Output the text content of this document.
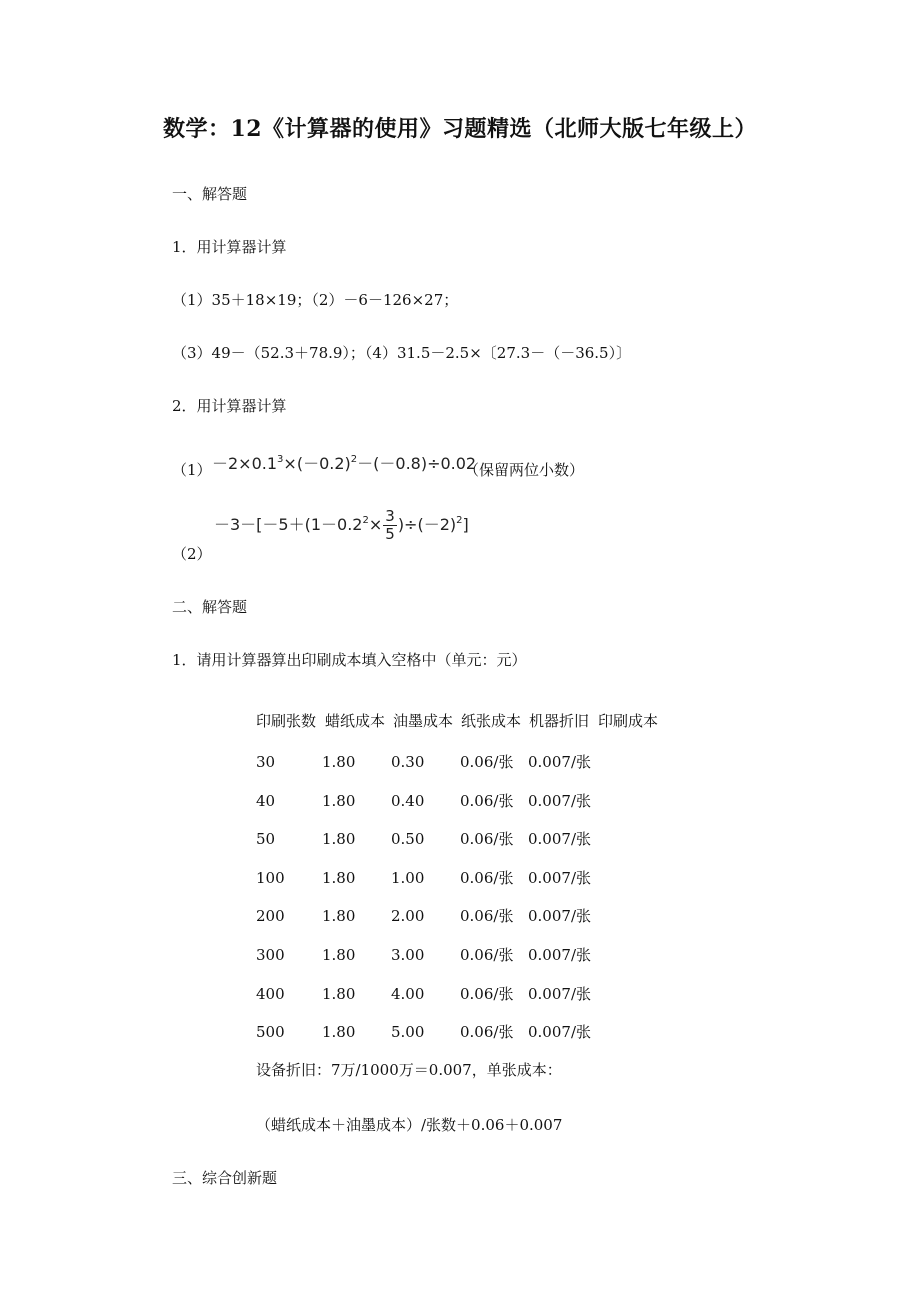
数学：12《计算器的使用》习题精选（北师大版七年级上）
一、解答题
1．用计算器计算
（1）35＋18×19；（2）－6－126×27；
（3）49－（52.3＋78.9）；（4）31.5－2.5×〔27.3－（－36.5）〕
2．用计算器计算
$(1) -2\times 0.1^3\times(-0.2)^2-(-0.8)\div 0.02$
（保留两位小数）
（2）
$-3-[-5+(1-0.2^2\times \frac{3}{5} )\div(-2)^2]$
二、解答题
1．请用计算器算出印刷成本填入空格中（单元：元）
印刷张数 蜡纸成本 油墨成本 纸张成本 机器折旧 印刷成本
30	1.80 0.30 0.06/张 0.007/张
40	1.80 0.40 0.06/张 0.007/张
50	1.80 0.50 0.06/张 0.007/张
100 1.80 1.00 0.06/张 0.007/张
200 1.80 2.00 0.06/张 0.007/张
300 1.80 3.00 0.06/张 0.007/张
400 1.80 4.00 0.06/张 0.007/张
500 1.80 5.00 0.06/张 0.007/张
设备折旧：7万/1000万＝0.007，单张成本：
（蜡纸成本＋油墨成本）/张数＋0.06＋0.007
三、综合创新题
